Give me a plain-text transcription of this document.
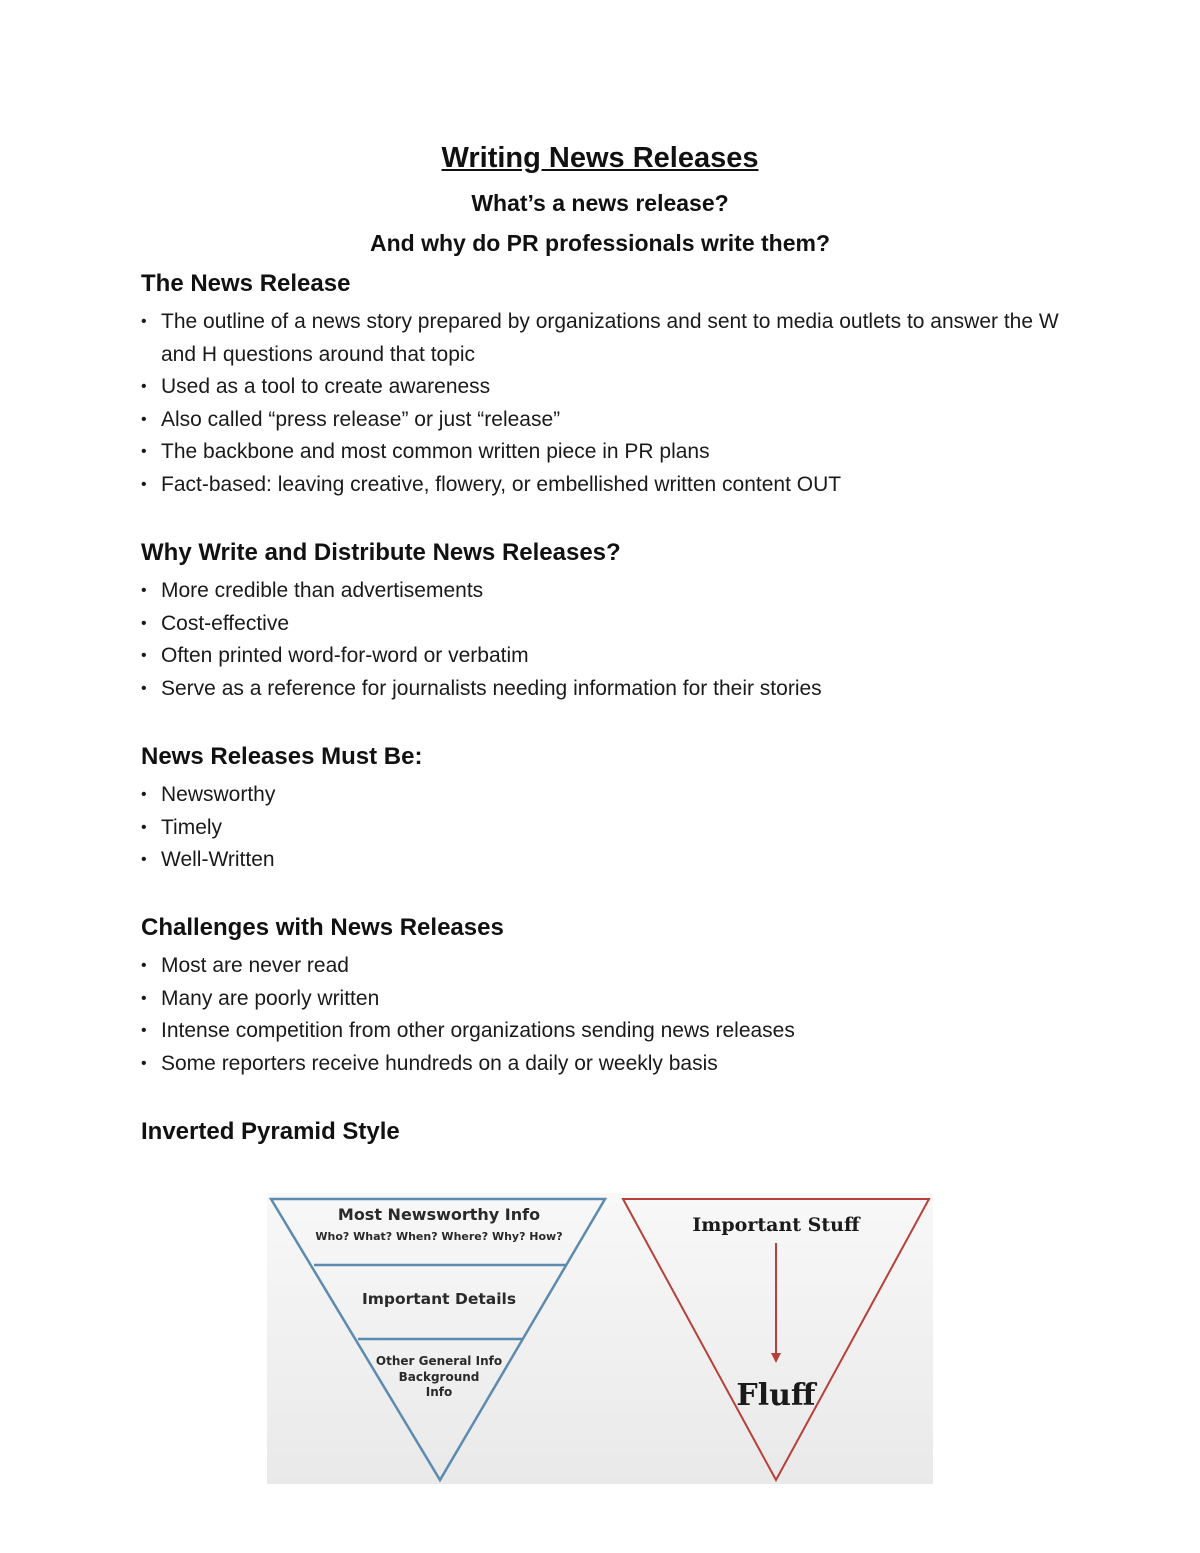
Writing News Releases

What’s a news release?

And why do PR professionals write them?

The News Release
• The outline of a news story prepared by organizations and sent to media outlets to answer the W and H questions around that topic
• Used as a tool to create awareness
• Also called “press release” or just “release”
• The backbone and most common written piece in PR plans
• Fact-based: leaving creative, flowery, or embellished written content OUT
Why Write and Distribute News Releases?
• More credible than advertisements
• Cost-effective
• Often printed word-for-word or verbatim
• Serve as a reference for journalists needing information for their stories
News Releases Must Be:
• Newsworthy
• Timely
• Well-Written
Challenges with News Releases
• Most are never read
• Many are poorly written
• Intense competition from other organizations sending news releases
• Some reporters receive hundreds on a daily or weekly basis
Inverted Pyramid Style
Most Newsworthy Info
Who? What? When? Where? Why? How?
Important Details
Other General Info
Background
Info
Important Stuff
Fluff
